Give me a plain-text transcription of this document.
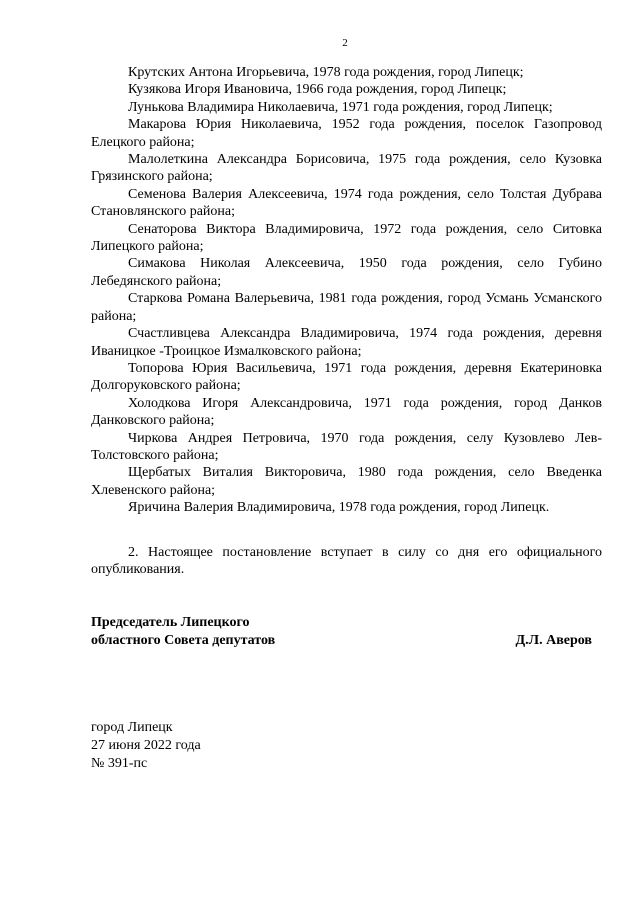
2

Крутских Антона Игорьевича, 1978 года рождения, город Липецк;

Кузякова Игоря Ивановича, 1966 года рождения, город Липецк;

Лунькова Владимира Николаевича, 1971 года рождения, город Липецк;

Макарова Юрия Николаевича, 1952 года рождения, поселок Газопровод Елецкого района;

Малолеткина Александра Борисовича, 1975 года рождения, село Кузовка Грязинского района;

Семенова Валерия Алексеевича, 1974 года рождения, село Толстая Дубрава Становлянского района;

Сенаторова Виктора Владимировича, 1972 года рождения, село Ситовка Липецкого района;

Симакова Николая Алексеевича, 1950 года рождения, село Губино Лебедянского района;

Старкова Романа Валерьевича, 1981 года рождения, город Усмань Усманского района;

Счастливцева Александра Владимировича, 1974 года рождения, деревня Иваницкое -Троицкое Измалковского района;

Топорова Юрия Васильевича, 1971 года рождения, деревня Екатериновка Долгоруковского района;

Холодкова Игоря Александровича, 1971 года рождения, город Данков Данковского района;

Чиркова Андрея Петровича, 1970 года рождения, селу Кузовлево Лев-Толстовского района;

Щербатых Виталия Викторовича, 1980 года рождения, село Введенка Хлевенского района;

Яричина Валерия Владимировича, 1978 года рождения, город Липецк.

2. Настоящее постановление вступает в силу со дня его официального опубликования.

Председатель Липецкого
областного Совета депутатов	Д.Л. Аверов
город Липецк
27 июня 2022 года
№ 391-пс
